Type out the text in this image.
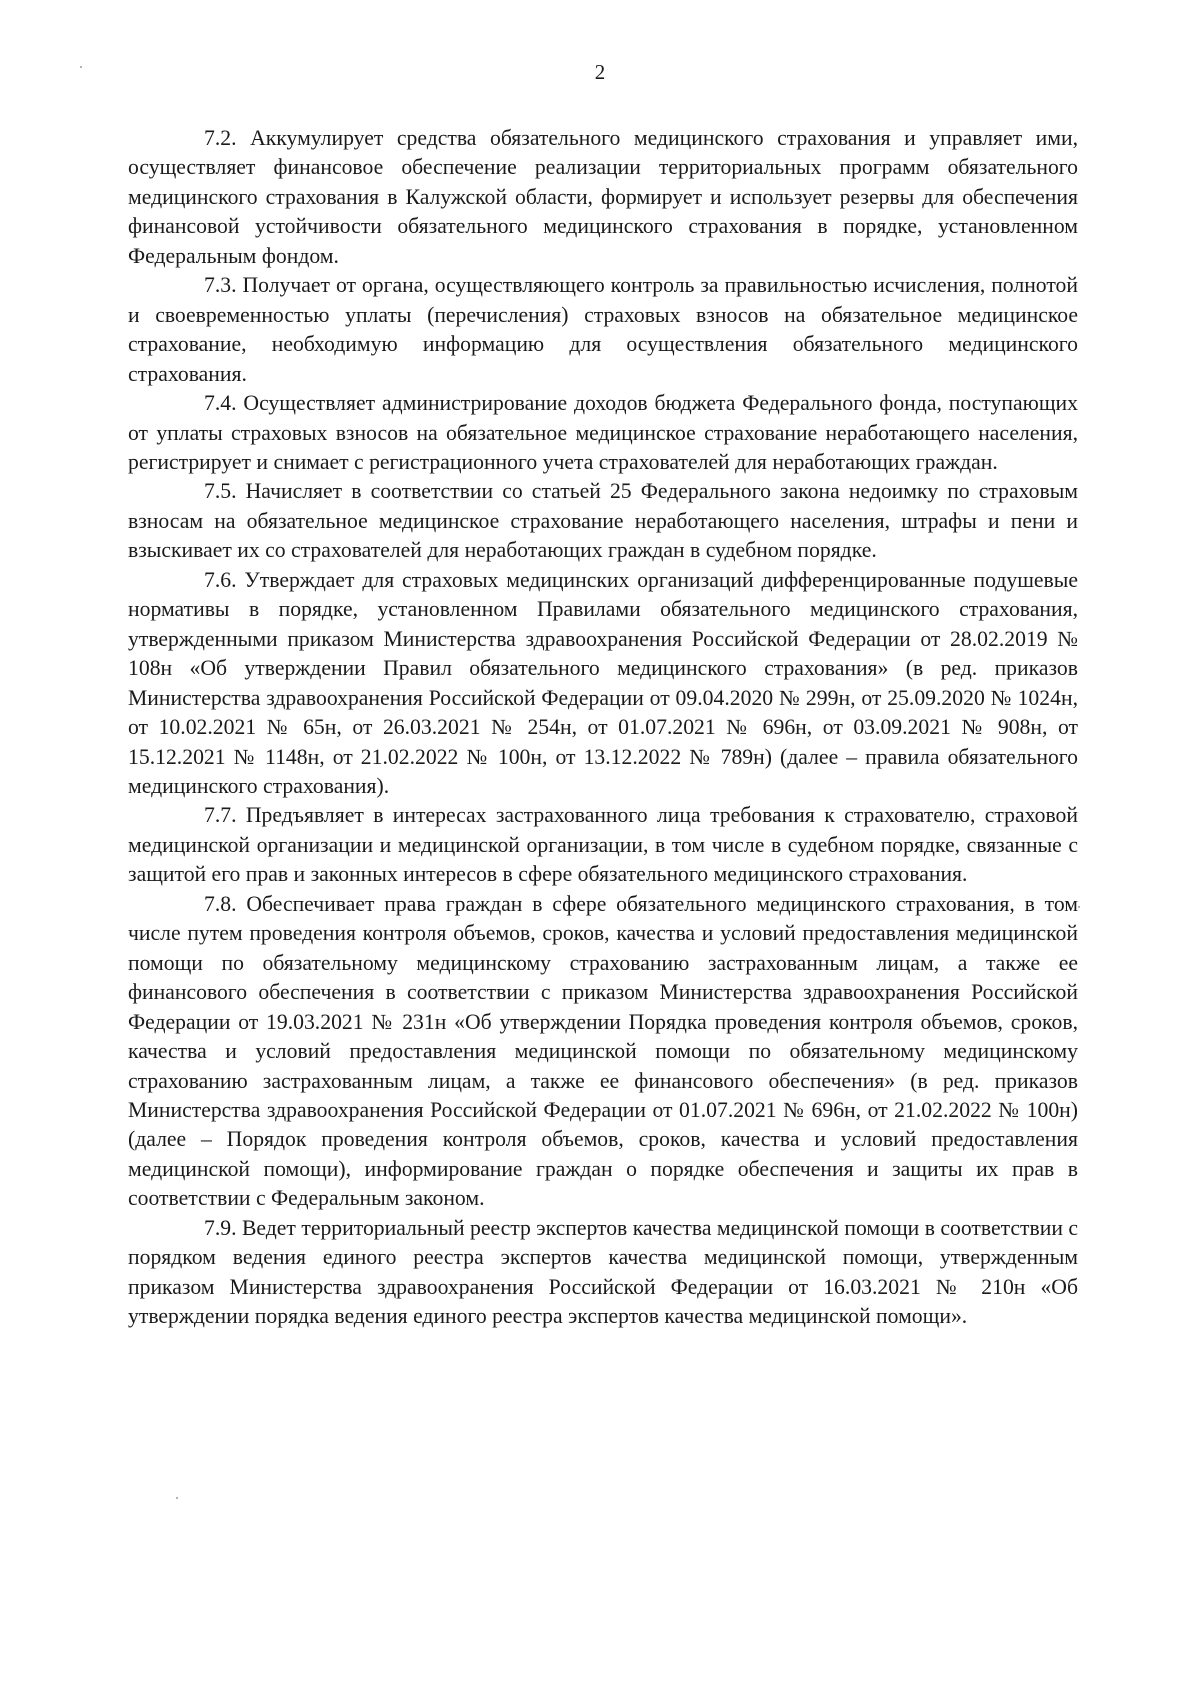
2

7.2. Аккумулирует средства обязательного медицинского страхования и управляет ими, осуществляет финансовое обеспечение реализации территориальных программ обязательного медицинского страхования в Калужской области, формирует и использует резервы для обеспечения финансовой устойчивости обязательного медицинского страхования в порядке, установленном Федеральным фондом.

7.3. Получает от органа, осуществляющего контроль за правильностью исчисления, полнотой и своевременностью уплаты (перечисления) страховых взносов на обязательное медицинское страхование, необходимую информацию для осуществления обязательного медицинского страхования.

7.4. Осуществляет администрирование доходов бюджета Федерального фонда, поступающих от уплаты страховых взносов на обязательное медицинское страхование неработающего населения, регистрирует и снимает с регистрационного учета страхователей для неработающих граждан.

7.5. Начисляет в соответствии со статьей 25 Федерального закона недоимку по страховым взносам на обязательное медицинское страхование неработающего населения, штрафы и пени и взыскивает их со страхователей для неработающих граждан в судебном порядке.

7.6. Утверждает для страховых медицинских организаций дифференцированные подушевые нормативы в порядке, установленном Правилами обязательного медицинского страхования, утвержденными приказом Министерства здравоохранения Российской Федерации от 28.02.2019 № 108н «Об утверждении Правил обязательного медицинского страхования» (в ред. приказов Министерства здравоохранения Российской Федерации от 09.04.2020 № 299н, от 25.09.2020 № 1024н, от 10.02.2021 № 65н, от 26.03.2021 № 254н, от 01.07.2021 № 696н, от 03.09.2021 № 908н, от 15.12.2021 № 1148н, от 21.02.2022 № 100н, от 13.12.2022 № 789н) (далее – правила обязательного медицинского страхования).

7.7. Предъявляет в интересах застрахованного лица требования к страхователю, страховой медицинской организации и медицинской организации, в том числе в судебном порядке, связанные с защитой его прав и законных интересов в сфере обязательного медицинского страхования.

7.8. Обеспечивает права граждан в сфере обязательного медицинского страхования, в том числе путем проведения контроля объемов, сроков, качества и условий предоставления медицинской помощи по обязательному медицинскому страхованию застрахованным лицам, а также ее финансового обеспечения в соответствии с приказом Министерства здравоохранения Российской Федерации от 19.03.2021 № 231н «Об утверждении Порядка проведения контроля объемов, сроков, качества и условий предоставления медицинской помощи по обязательному медицинскому страхованию застрахованным лицам, а также ее финансового обеспечения» (в ред. приказов Министерства здравоохранения Российской Федерации от 01.07.2021 № 696н, от 21.02.2022 № 100н) (далее – Порядок проведения контроля объемов, сроков, качества и условий предоставления медицинской помощи), информирование граждан о порядке обеспечения и защиты их прав в соответствии с Федеральным законом.

7.9. Ведет территориальный реестр экспертов качества медицинской помощи в соответствии с порядком ведения единого реестра экспертов качества медицинской помощи, утвержденным приказом Министерства здравоохранения Российской Федерации от 16.03.2021 № 210н «Об утверждении порядка ведения единого реестра экспертов качества медицинской помощи».
